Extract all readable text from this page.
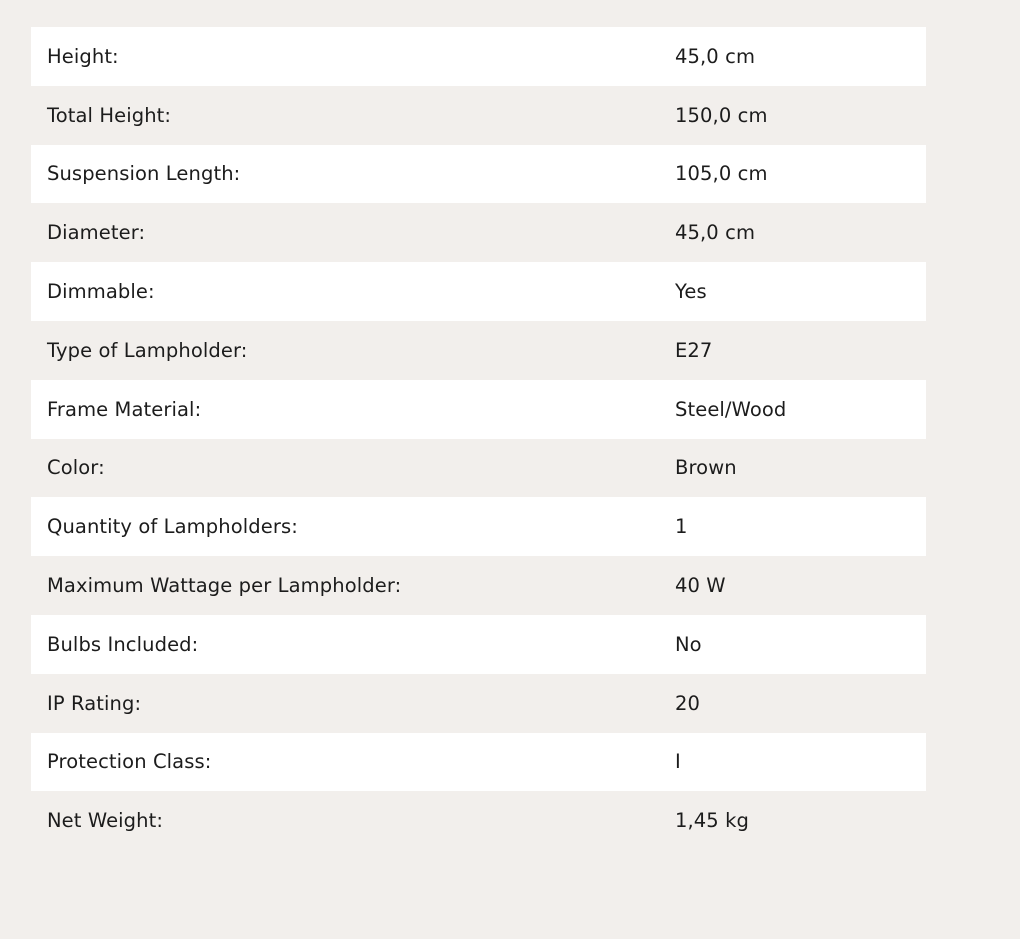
Height:	45,0 cm
Total Height:	150,0 cm
Suspension Length:	105,0 cm
Diameter:	45,0 cm
Dimmable:	Yes
Type of Lampholder:	E27
Frame Material:	Steel/Wood
Color:	Brown
Quantity of Lampholders:	1
Maximum Wattage per Lampholder:	40 W
Bulbs Included:	No
IP Rating:	20
Protection Class:	I
Net Weight:	1,45 kg
